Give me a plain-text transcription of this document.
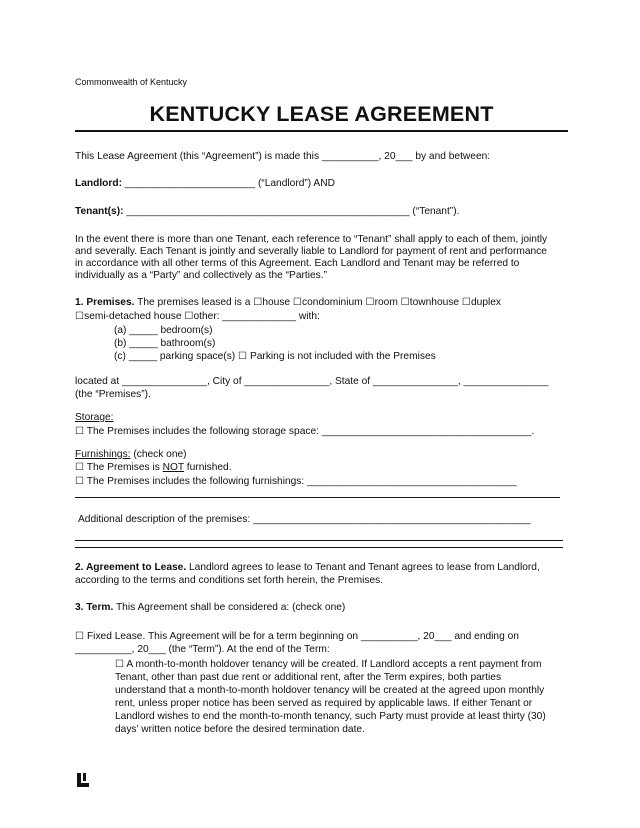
Commonwealth of Kentucky
KENTUCKY LEASE AGREEMENT
This Lease Agreement (this “Agreement”) is made this __________, 20___ by and between:
Landlord: _______________________ (“Landlord”) AND
Tenant(s): __________________________________________________ (“Tenant”).
In the event there is more than one Tenant, each reference to “Tenant” shall apply to each of them, jointly
and severally. Each Tenant is jointly and severally liable to Landlord for payment of rent and performance
in accordance with all other terms of this Agreement. Each Landlord and Tenant may be referred to
individually as a “Party” and collectively as the “Parties.”
1. Premises. The premises leased is a ☐house ☐condominium ☐room ☐townhouse ☐duplex
☐semi-detached house ☐other: _____________ with:
(a) _____ bedroom(s)
(b) _____ bathroom(s)
(c) _____ parking space(s) ☐ Parking is not included with the Premises
located at _______________, City of _______________, State of _______________, _______________
(the “Premises”).
Storage:
☐ The Premises includes the following storage space: _____________________________________.
Furnishings: (check one)
☐ The Premises is NOT furnished.
☐ The Premises includes the following furnishings: _____________________________________
Additional description of the premises: _________________________________________________
2. Agreement to Lease. Landlord agrees to lease to Tenant and Tenant agrees to lease from Landlord,
according to the terms and conditions set forth herein, the Premises.
3. Term. This Agreement shall be considered a: (check one)
☐ Fixed Lease. This Agreement will be for a term beginning on __________, 20___ and ending on
__________, 20___ (the “Term”). At the end of the Term:
☐ A month-to-month holdover tenancy will be created. If Landlord accepts a rent payment from
Tenant, other than past due rent or additional rent, after the Term expires, both parties
understand that a month-to-month holdover tenancy will be created at the agreed upon monthly
rent, unless proper notice has been served as required by applicable laws. If either Tenant or
Landlord wishes to end the month-to-month tenancy, such Party must provide at least thirty (30)
days’ written notice before the desired termination date.
